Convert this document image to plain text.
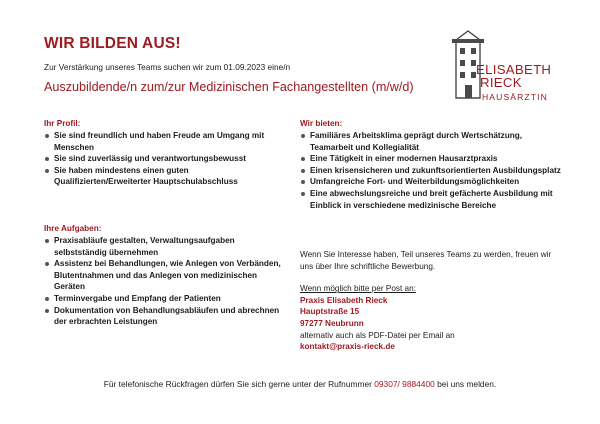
WIR BILDEN AUS!
Zur Verstärkung unseres Teams suchen wir zum 01.09.2023 eine/n
Auszubildende/n zum/zur Medizinischen Fachangestellten (m/w/d)
ELISABETH
RIECK
HAUSÄRZTIN
Ihr Profil:
Sie sind freundlich und haben Freude am Umgang mit Menschen
Sie sind zuverlässig und verantwortungsbewusst
Sie haben mindestens einen guten Qualifizierten/Erweiterter Hauptschulabschluss
Ihre Aufgaben:
Praxisabläufe gestalten, Verwaltungsaufgaben selbstständig übernehmen
Assistenz bei Behandlungen, wie Anlegen von Verbänden, Blutentnahmen und das Anlegen von medizinischen Geräten
Terminvergabe und Empfang der Patienten
Dokumentation von Behandlungsabläufen und abrechnen der erbrachten Leistungen
Wir bieten:
Familiäres Arbeitsklima geprägt durch Wertschätzung, Teamarbeit und Kollegialität
Eine Tätigkeit in einer modernen Hausarztpraxis
Einen krisensicheren und zukunftsorientierten Ausbildungsplatz
Umfangreiche Fort- und Weiterbildungsmöglichkeiten
Eine abwechslungsreiche und breit gefächerte Ausbildung mit Einblick in verschiedene medizinische Bereiche
Wenn Sie Interesse haben, Teil unseres Teams zu werden, freuen wir uns über Ihre schriftliche Bewerbung.
Wenn möglich bitte per Post an:
Praxis Elisabeth Rieck
Hauptstraße 15
97277 Neubrunn
alternativ auch als PDF-Datei per Email an
kontakt@praxis-rieck.de
Für telefonische Rückfragen dürfen Sie sich gerne unter der Rufnummer 09307/ 9884400 bei uns melden.
